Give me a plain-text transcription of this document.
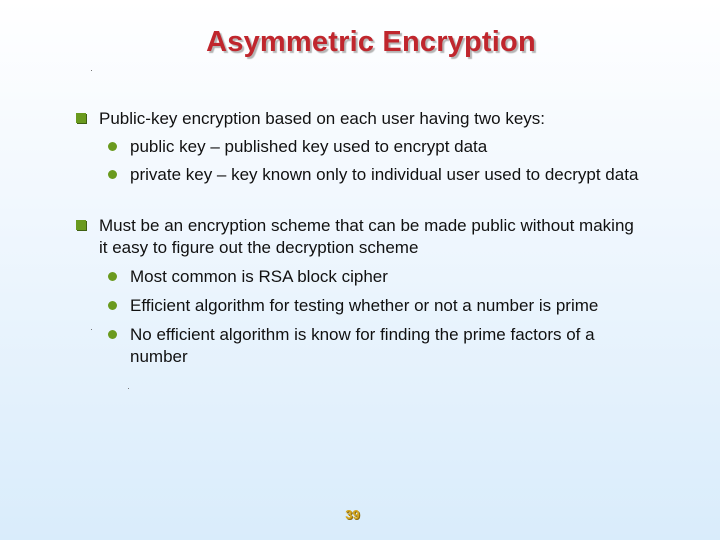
Asymmetric Encryption
Public-key encryption based on each user having two keys:
public key – published key used to encrypt data
private key – key known only to individual user used to decrypt data
Must be an encryption scheme that can be made public without making it easy to figure out the decryption scheme
Most common is RSA block cipher
Efficient algorithm for testing whether or not a number is prime
No efficient algorithm is know for finding the prime factors of a number
39
